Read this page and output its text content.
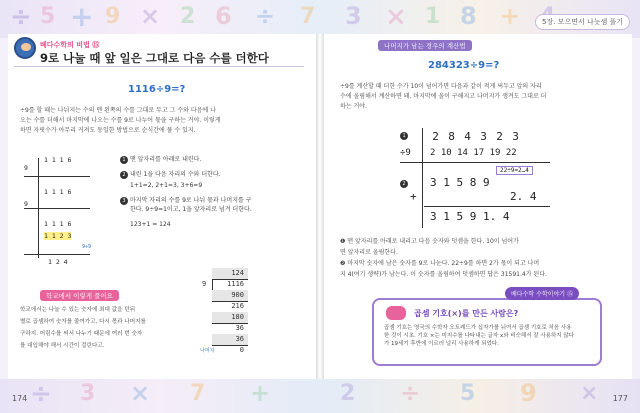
÷ 5 + 9 × 2 6 ÷ 7 3 × 1 8 +	5장. 모으면서 나눗셈 풀기
÷ 3 × 7 +	2 ÷ 5 9 ×
174	177
베다수학의 비법 ⑮
9로 나눌 때 앞 일은 그대로 다음 수를 더한다
1116÷9=?
÷9를 할 때는 나눠지는 수의 맨 왼쪽의 수를 그대로 두고 그 수와 다음에 나
오는 수를 더해서 마지막에 나오는 수를 9로 나누어 몫을 구하는 거야. 이렇게
하면 자릿수가 아무리 커져도 동일한 방법으로 순식간에 풀 수 있지.
9
1 1 1 6
1 1 1 6
9
1 1 1 6
1 1 2 3
9÷9
1 2 4
1 맨 앞자리를 아래로 내린다.
2 내린 1을 다음 자리의 수와 더한다.
1+1=2, 2+1=3, 3+6=9
3 마지막 자리의 수를 9로 나눠 몫과 나머지를 구
한다. 9÷9=1이고, 1을 앞자리로 넘겨 더한다.
123+1 = 124
학교에서 이렇게 풀어요
학교에서는 나눌 수 있는 숫자에 최대 값을 던뒤
별로 곱셈하여 숫자를 줄여가고, 다시 몫과 나머지를
구하지. 어림수를 써서 나누기 때문에 여러 번 숫자
를 대입해야 해서 시간이 걸린다고.
124
9	1116
900
216
180
36
36
나머지	0
나머지가 남는 경우의 계산법
284323÷9=?
÷9를 계산할 때 더한 수가 10이 넘어가면 다음과 같이 적게 써두고 앞의 자리
수에 올림해서 계산하면 돼. 마지막에 올이 구해지고 나머지가 생겨도 그대로 더
하는 거야.
1 2 8 4 3 2 3
÷9 2 10 14 17 19 22
22÷9=2…4
2 3 1 5 8 9
+	2. 4
3 1 5 9 1. 4
❶ 맨 앞자리를 아래로 내리고 다음 숫자와 덧셈을 한다. 10이 넘어가
면 앞자리로 올림한다.
❷ 마지막 숫자에 남은 숫자를 9로 나눈다. 22÷9를 하면 2가 몫이 되고 나머
지 4(여기 생략)가 남는다. 이 숫자를 올림하여 덧셈하면 답은 31591.4가 된다.
곱셈 기호(×)를 만든 사람은?
곱셈 기호는 영국의 수학자 오트레드가 십자가를 뉘여서 곱셈 기호로 처음 사용
한 것이 시초. 기호 ×는 미지수를 나타내는 글자 x와 비슷해서 잘 사용하지 않다
가 19세기 후반에 이르러 널리 사용하게 되었다.
베다수학 수학이야기 ⑮
